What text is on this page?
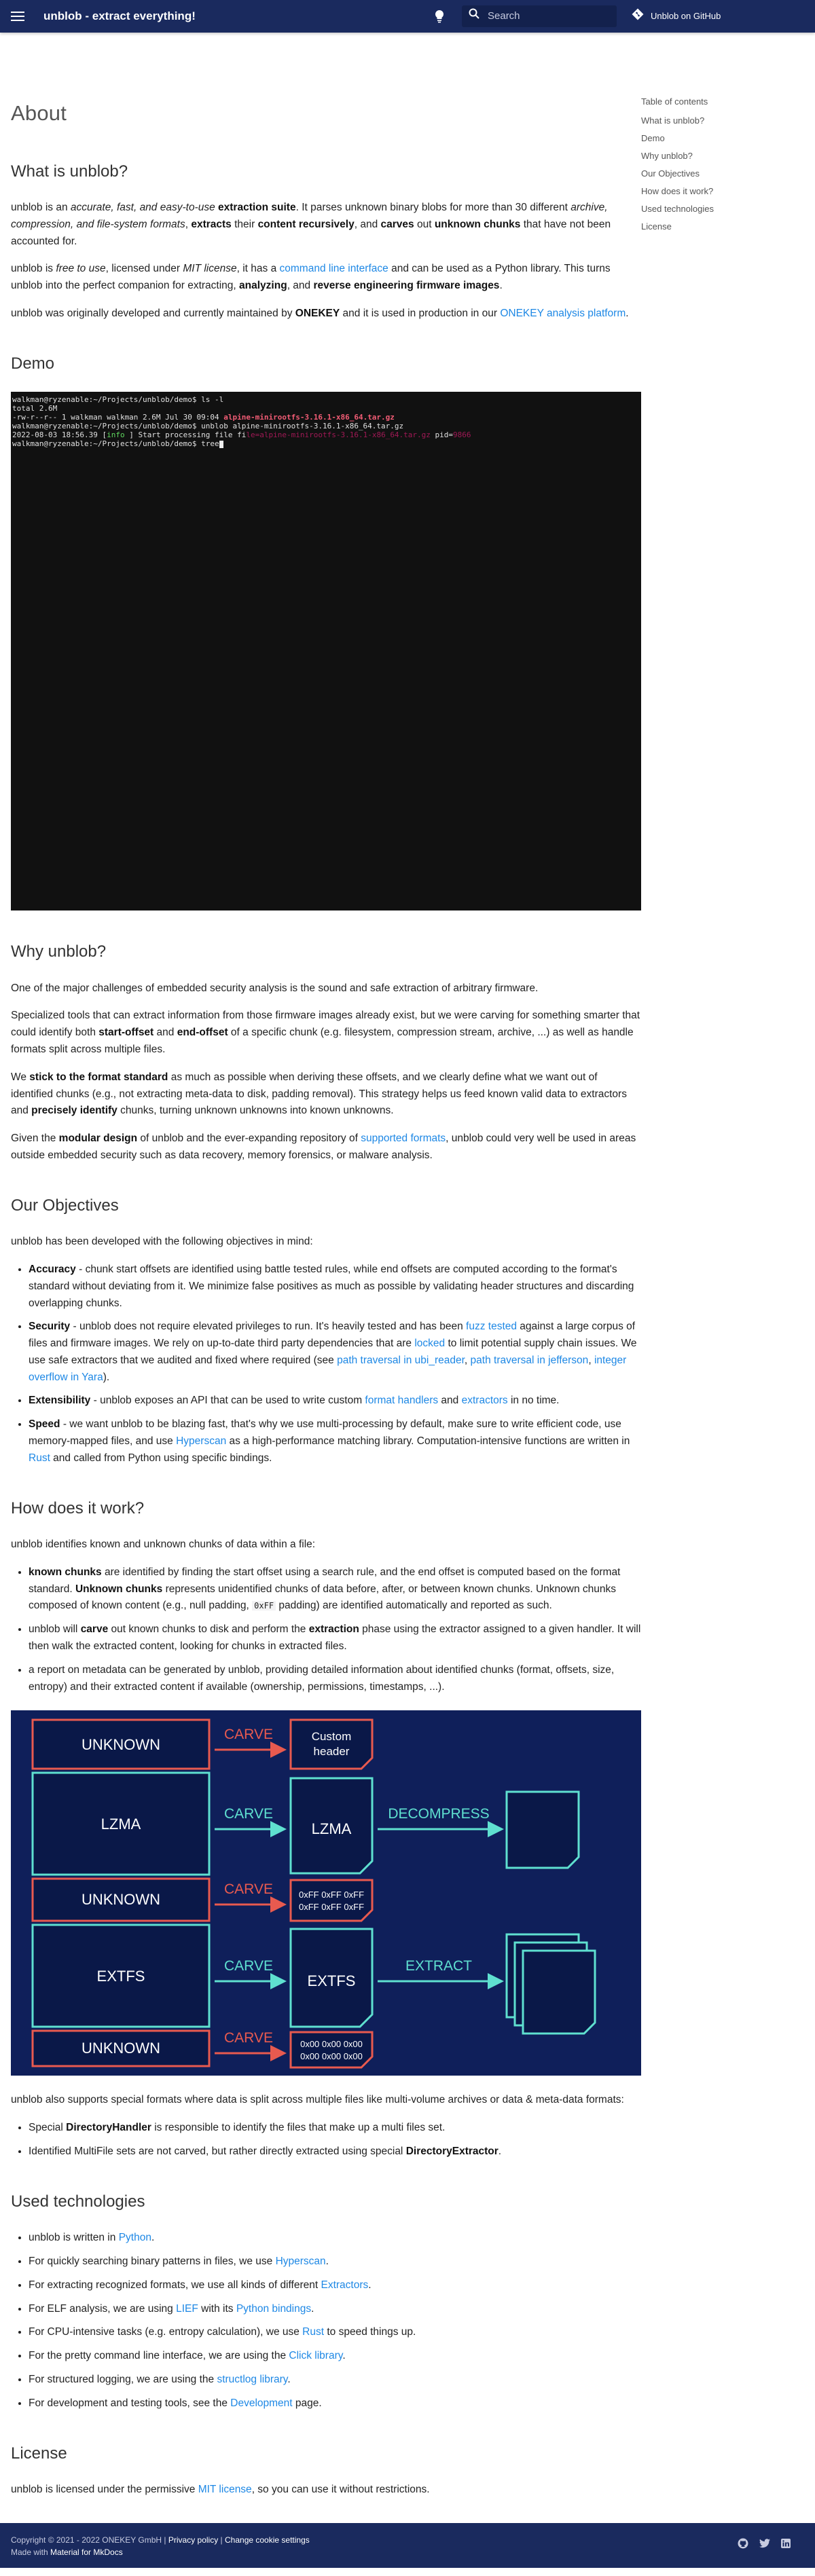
unblob - extract everything!	Search	Unblob on GitHub
About
What is unblob?

unblob is an accurate, fast, and easy-to-use extraction suite. It parses unknown binary blobs for more than 30 different archive, compression, and file-system formats, extracts their content recursively, and carves out unknown chunks that have not been accounted for.

unblob is free to use, licensed under MIT license, it has a command line interface and can be used as a Python library. This turns unblob into the perfect companion for extracting, analyzing, and reverse engineering firmware images.

unblob was originally developed and currently maintained by ONEKEY and it is used in production in our ONEKEY analysis platform.

Demo
walkman@ryzenable:~/Projects/unblob/demo$ ls -l
total 2.6M
-rw-r--r-- 1 walkman walkman 2.6M Jul 30 09:04 alpine-minirootfs-3.16.1-x86_64.tar.gz
walkman@ryzenable:~/Projects/unblob/demo$ unblob alpine-minirootfs-3.16.1-x86_64.tar.gz
2022-08-03 18:56.39 [info ] Start processing file file=alpine-minirootfs-3.16.1-x86_64.tar.gz pid=9866
walkman@ryzenable:~/Projects/unblob/demo$ tree
Why unblob?

One of the major challenges of embedded security analysis is the sound and safe extraction of arbitrary firmware.

Specialized tools that can extract information from those firmware images already exist, but we were carving for something smarter that could identify both start-offset and end-offset of a specific chunk (e.g. filesystem, compression stream, archive, ...) as well as handle formats split across multiple files.

We stick to the format standard as much as possible when deriving these offsets, and we clearly define what we want out of identified chunks (e.g., not extracting meta-data to disk, padding removal). This strategy helps us feed known valid data to extractors and precisely identify chunks, turning unknown unknowns into known unknowns.

Given the modular design of unblob and the ever-expanding repository of supported formats, unblob could very well be used in areas outside embedded security such as data recovery, memory forensics, or malware analysis.

Our Objectives

unblob has been developed with the following objectives in mind:

• Accuracy - chunk start offsets are identified using battle tested rules, while end offsets are computed according to the format's standard without deviating from it. We minimize false positives as much as possible by validating header structures and discarding overlapping chunks.
• Security - unblob does not require elevated privileges to run. It's heavily tested and has been fuzz tested against a large corpus of files and firmware images. We rely on up-to-date third party dependencies that are locked to limit potential supply chain issues. We use safe extractors that we audited and fixed where required (see path traversal in ubi_reader, path traversal in jefferson, integer overflow in Yara).
• Extensibility - unblob exposes an API that can be used to write custom format handlers and extractors in no time.
• Speed - we want unblob to be blazing fast, that's why we use multi-processing by default, make sure to write efficient code, use memory-mapped files, and use Hyperscan as a high-performance matching library. Computation-intensive functions are written in Rust and called from Python using specific bindings.
How does it work?

unblob identifies known and unknown chunks of data within a file:

• known chunks are identified by finding the start offset using a search rule, and the end offset is computed based on the format standard. Unknown chunks represents unidentified chunks of data before, after, or between known chunks. Unknown chunks composed of known content (e.g., null padding, 0xFF padding) are identified automatically and reported as such.
• unblob will carve out known chunks to disk and perform the extraction phase using the extractor assigned to a given handler. It will then walk the extracted content, looking for chunks in extracted files.
• a report on metadata can be generated by unblob, providing detailed information about identified chunks (format, offsets, size, entropy) and their extracted content if available (ownership, permissions, timestamps, ...).
UNKNOWN
LZMA
UNKNOWN
EXTFS
UNKNOWN
CARVE
CARVE
CARVE
CARVE
CARVE
Custom
header
LZMA
0xFF 0xFF 0xFF
0xFF 0xFF 0xFF
EXTFS
0x00 0x00 0x00
0x00 0x00 0x00
DECOMPRESS
EXTRACT

unblob also supports special formats where data is split across multiple files like multi-volume archives or data & meta-data formats:

• Special DirectoryHandler is responsible to identify the files that make up a multi files set.
• Identified MultiFile sets are not carved, but rather directly extracted using special DirectoryExtractor.
Used technologies
• unblob is written in Python.
• For quickly searching binary patterns in files, we use Hyperscan.
• For extracting recognized formats, we use all kinds of different Extractors.
• For ELF analysis, we are using LIEF with its Python bindings.
• For CPU-intensive tasks (e.g. entropy calculation), we use Rust to speed things up.
• For the pretty command line interface, we are using the Click library.
• For structured logging, we are using the structlog library.
• For development and testing tools, see the Development page.
License

unblob is licensed under the permissive MIT license, so you can use it without restrictions.

Table of contents
What is unblob?
Demo
Why unblob?
Our Objectives
How does it work?
Used technologies
License
Copyright © 2021 - 2022 ONEKEY GmbH | Privacy policy | Change cookie settings
Made with Material for MkDocs
